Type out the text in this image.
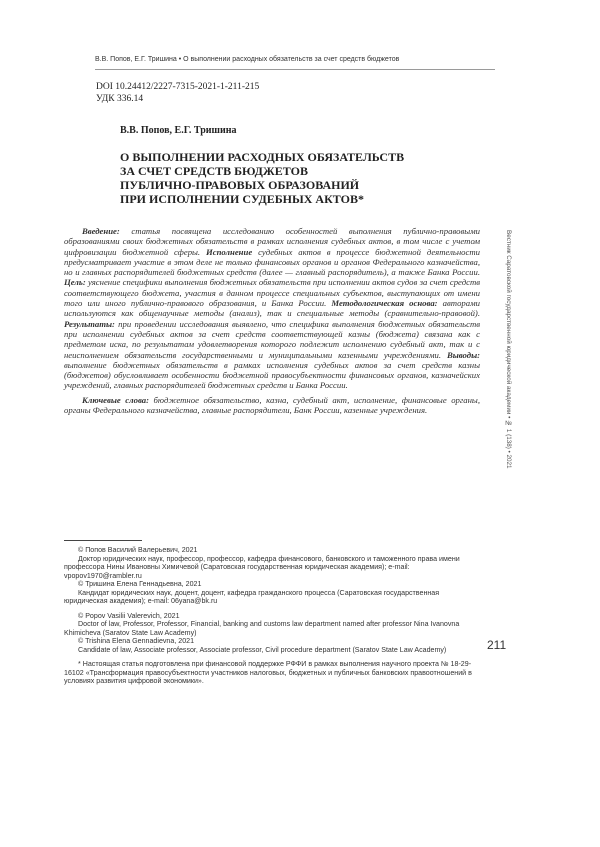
В.В. Попов, Е.Г. Тришина • О выполнении расходных обязательств за счет средств бюджетов
DOI 10.24412/2227-7315-2021-1-211-215
УДК 336.14
В.В. Попов, Е.Г. Тришина
О ВЫПОЛНЕНИИ РАСХОДНЫХ ОБЯЗАТЕЛЬСТВ
ЗА СЧЕТ СРЕДСТВ БЮДЖЕТОВ
ПУБЛИЧНО-ПРАВОВЫХ ОБРАЗОВАНИЙ
ПРИ ИСПОЛНЕНИИ СУДЕБНЫХ АКТОВ*

Введение: статья посвящена исследованию особенностей выполнения публично-правовыми образованиями своих бюджетных обязательств в рамках исполнения судебных актов, в том числе с учетом цифровизации бюджетной сферы. Исполнение судебных актов в процессе бюджетной деятельности предусматривает участие в этом деле не только финансовых органов и органов Федерального казначейства, но и главных распорядителей бюджетных средств (далее — главный распорядитель), а также Банка России. Цель: уяснение специфики выполнения бюджетных обязательств при исполнении актов судов за счет средств соответствующего бюджета, участия в данном процессе специальных субъектов, выступающих от имени того или иного публично-правового образования, и Банка России. Методологическая основа: авторами используются как общенаучные методы (анализ), так и специальные методы (сравнительно-правовой). Результаты: при проведении исследования выявлено, что специфика выполнения бюджетных обязательств при исполнении судебных актов за счет средств соответствующей казны (бюджета) связана как с предметом иска, по результатам удовлетворения которого подлежит исполнению судебный акт, так и с неисполнением обязательств государственными и муниципальными казенными учреждениями. Выводы: выполнение бюджетных обязательств в рамках исполнения судебных актов за счет средств казны (бюджетов) обусловливает особенности бюджетной правосубъектности финансовых органов, казначейских учреждений, главных распорядителей бюджетных средств и Банка России.

Ключевые слова: бюджетное обязательство, казна, судебный акт, исполнение, финансовые органы, органы Федерального казначейства, главные распорядители, Банк России, казенные учреждения.

© Попов Василий Валерьевич, 2021

Доктор юридических наук, профессор, профессор, кафедра финансового, банковского и таможенного права имени профессора Нины Ивановны Химичевой (Саратовская государственная юридическая академия); e-mail: vpopov1970@rambler.ru

© Тришина Елена Геннадьевна, 2021

Кандидат юридических наук, доцент, доцент, кафедра гражданского процесса (Саратовская государственная юридическая академия); e-mail: 06yana@bk.ru

© Popov Vasilii Valerevich, 2021

Doctor of law, Professor, Professor, Financial, banking and customs law department named after professor Nina Ivanovna Khimicheva (Saratov State Law Academy)

© Trishina Elena Gennadievna, 2021

Candidate of law, Associate professor, Associate professor, Civil procedure department (Saratov State Law Academy)

* Настоящая статья подготовлена при финансовой поддержке РФФИ в рамках выполнения научного проекта № 18-29-16102 «Трансформация правосубъектности участников налоговых, бюджетных и публичных банковских правоотношений в условиях развития цифровой экономики».

211
Вестник Саратовской государственной юридической академии • № 1 (138) • 2021
